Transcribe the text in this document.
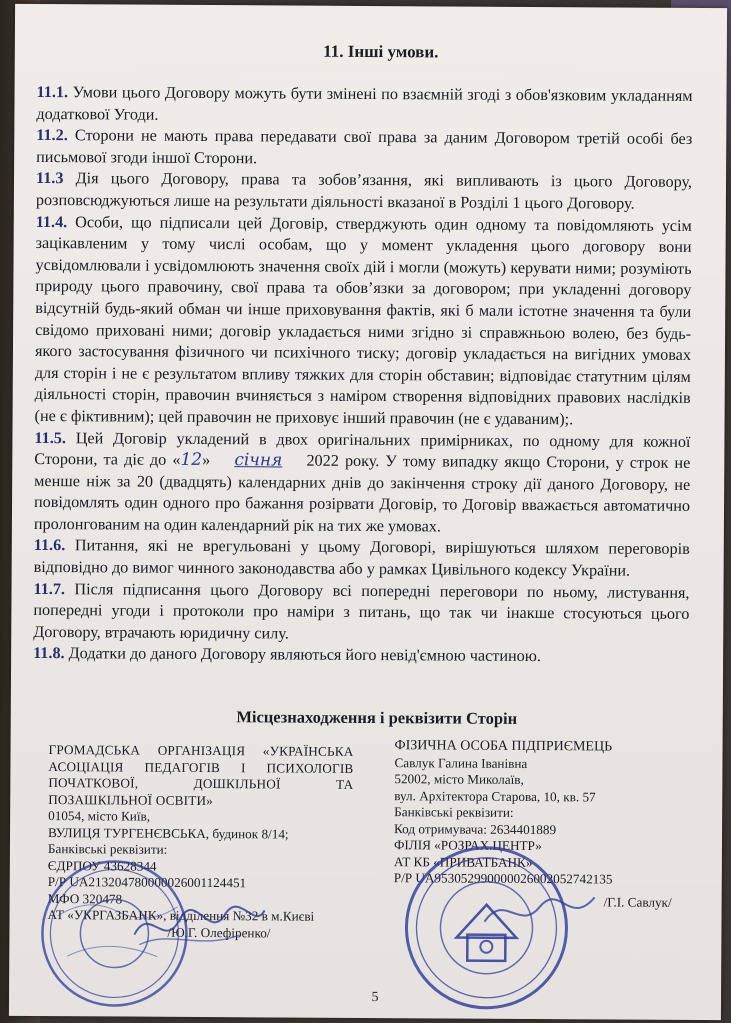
11. Інші умови.

11.1. Умови цього Договору можуть бути змінені по взаємній згоді з обов'язковим укладанням додаткової Угоди.

11.2. Сторони не мають права передавати свої права за даним Договором третій особі без письмової згоди іншої Сторони.

11.3 Дія цього Договору, права та зобов’язання, які випливають із цього Договору, розповсюджуються лише на результати діяльності вказаної в Розділі 1 цього Договору.

11.4. Особи, що підписали цей Договір, стверджують один одному та повідомляють усім зацікавленим у тому числі особам, що у момент укладення цього договору вони усвідомлювали і усвідомлюють значення своїх дій і могли (можуть) керувати ними; розуміють природу цього правочину, свої права та обов’язки за договором; при укладенні договору відсутній будь-який обман чи інше приховування фактів, які б мали істотне значення та були свідомо приховані ними; договір укладається ними згідно зі справжньою волею, без будь-якого застосування фізичного чи психічного тиску; договір укладається на вигідних умовах для сторін і не є результатом впливу тяжких для сторін обставин; відповідає статутним цілям діяльності сторін, правочин вчиняється з наміром створення відповідних правових наслідків (не є фіктивним); цей правочин не приховує інший правочин (не є удаваним);.

11.5. Цей Договір укладений в двох оригінальних примірниках, по одному для кожної Сторони, та діє до «12» січня 2022 року. У тому випадку якщо Сторони, у строк не менше ніж за 20 (двадцять) календарних днів до закінчення строку дії даного Договору, не повідомлять один одного про бажання розірвати Договір, то Договір вважається автоматично пролонгованим на один календарний рік на тих же умовах.

11.6. Питання, які не врегульовані у цьому Договорі, вирішуються шляхом переговорів відповідно до вимог чинного законодавства або у рамках Цивільного кодексу України.

11.7. Після підписання цього Договору всі попередні переговори по ньому, листування, попередні угоди і протоколи про наміри з питань, що так чи інакше стосуються цього Договору, втрачають юридичну силу.

11.8. Додатки до даного Договору являються його невід'ємною частиною.

Місцезнаходження і реквізити Сторін
ГРОМАДСЬКА ОРГАНІЗАЦІЯ «УКРАЇНСЬКА АСОЦІАЦІЯ ПЕДАГОГІВ І ПСИХОЛОГІВ ПОЧАТКОВОЇ, ДОШКІЛЬНОЇ ТА ПОЗАШКІЛЬНОЇ ОСВІТИ»
01054, місто Київ,
ВУЛИЦЯ ТУРГЕНЄВСЬКА, будинок 8/14;
Банківські реквізити:
ЄДРПОУ 43628344
Р/Р UA213204780000026001124451
МФО 320478
АТ «УКРГАЗБАНК», відділення №32 в м.Києві
/Ю.Г. Олефіренко/
ФІЗИЧНА ОСОБА ПІДПРИЄМЕЦЬ
Савлук Галина Іванівна
52002, місто Миколаїв,
вул. Архітектора Старова, 10, кв. 57
Банківські реквізити:
Код отримувача: 2634401889
ФІЛІЯ «РОЗРАХ.ЦЕНТР»
АТ КБ «ПРИВАТБАНК»
Р/Р UA953052990000026002052742135
/Г.І. Савлук/
5
